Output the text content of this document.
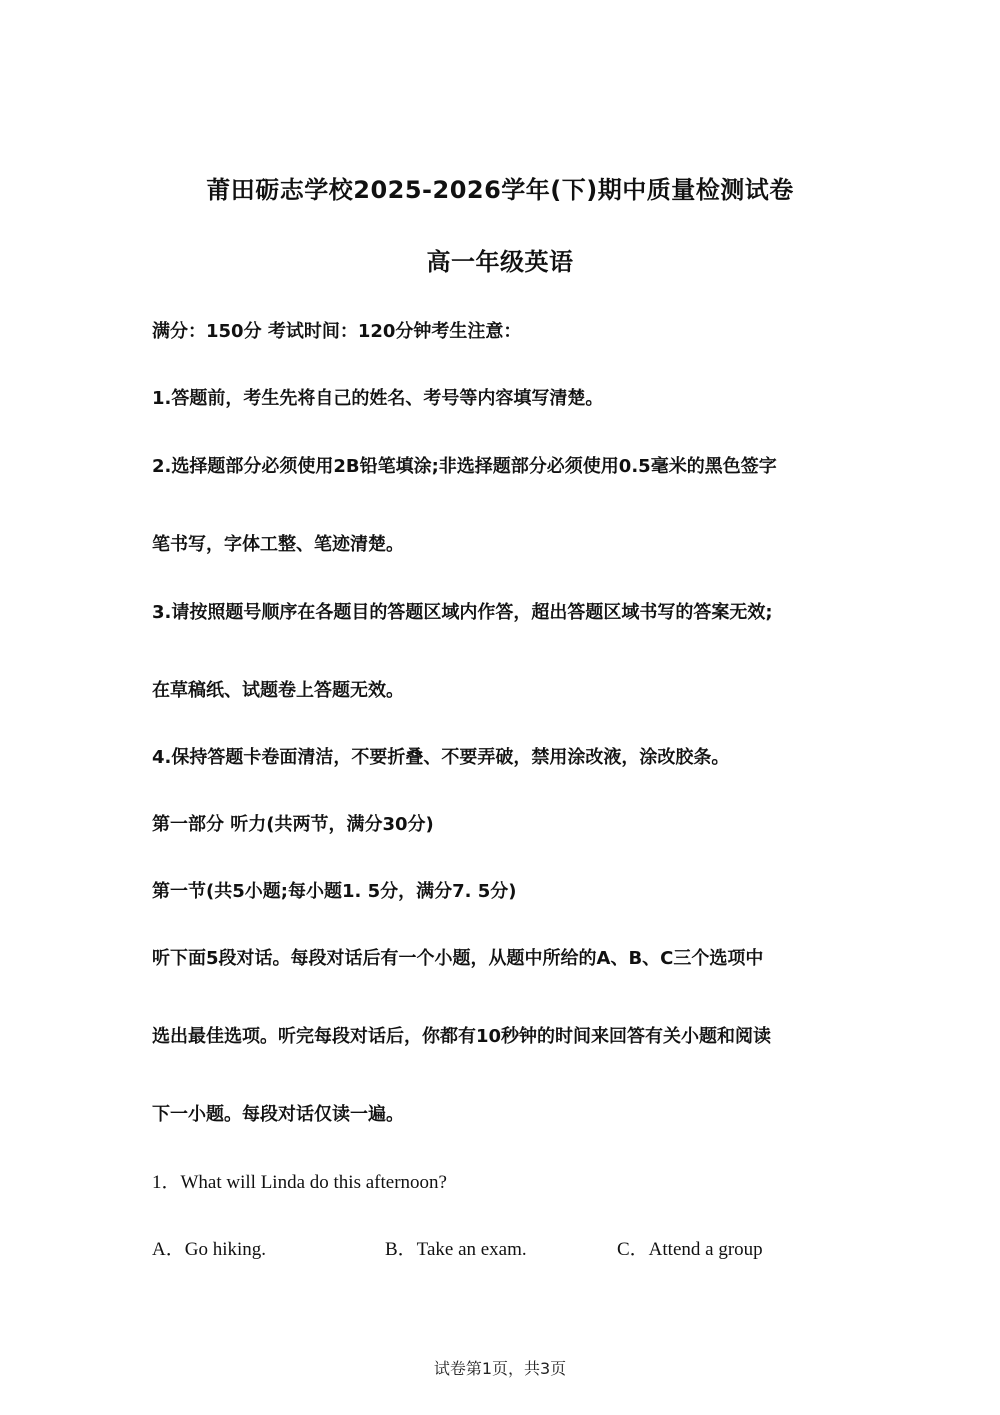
莆田砺志学校2025-2026学年(下)期中质量检测试卷
高一年级英语
满分：150分 考试时间：120分钟考生注意：
1.答题前，考生先将自己的姓名、考号等内容填写清楚。
2.选择题部分必须使用2B铅笔填涂;非选择题部分必须使用0.5毫米的黑色签字
笔书写，字体工整、笔迹清楚。
3.请按照题号顺序在各题目的答题区域内作答，超出答题区域书写的答案无效;
在草稿纸、试题卷上答题无效。
4.保持答题卡卷面清洁，不要折叠、不要弄破，禁用涂改液，涂改胶条。
第一部分 听力(共两节，满分30分)
第一节(共5小题;每小题1. 5分，满分7. 5分)
听下面5段对话。每段对话后有一个小题，从题中所给的A、B、C三个选项中
选出最佳选项。听完每段对话后，你都有10秒钟的时间来回答有关小题和阅读
下一小题。每段对话仅读一遍。
1．What will Linda do this afternoon?
A．Go hiking.	B．Take an exam.	C．Attend a group
试卷第1页，共3页
